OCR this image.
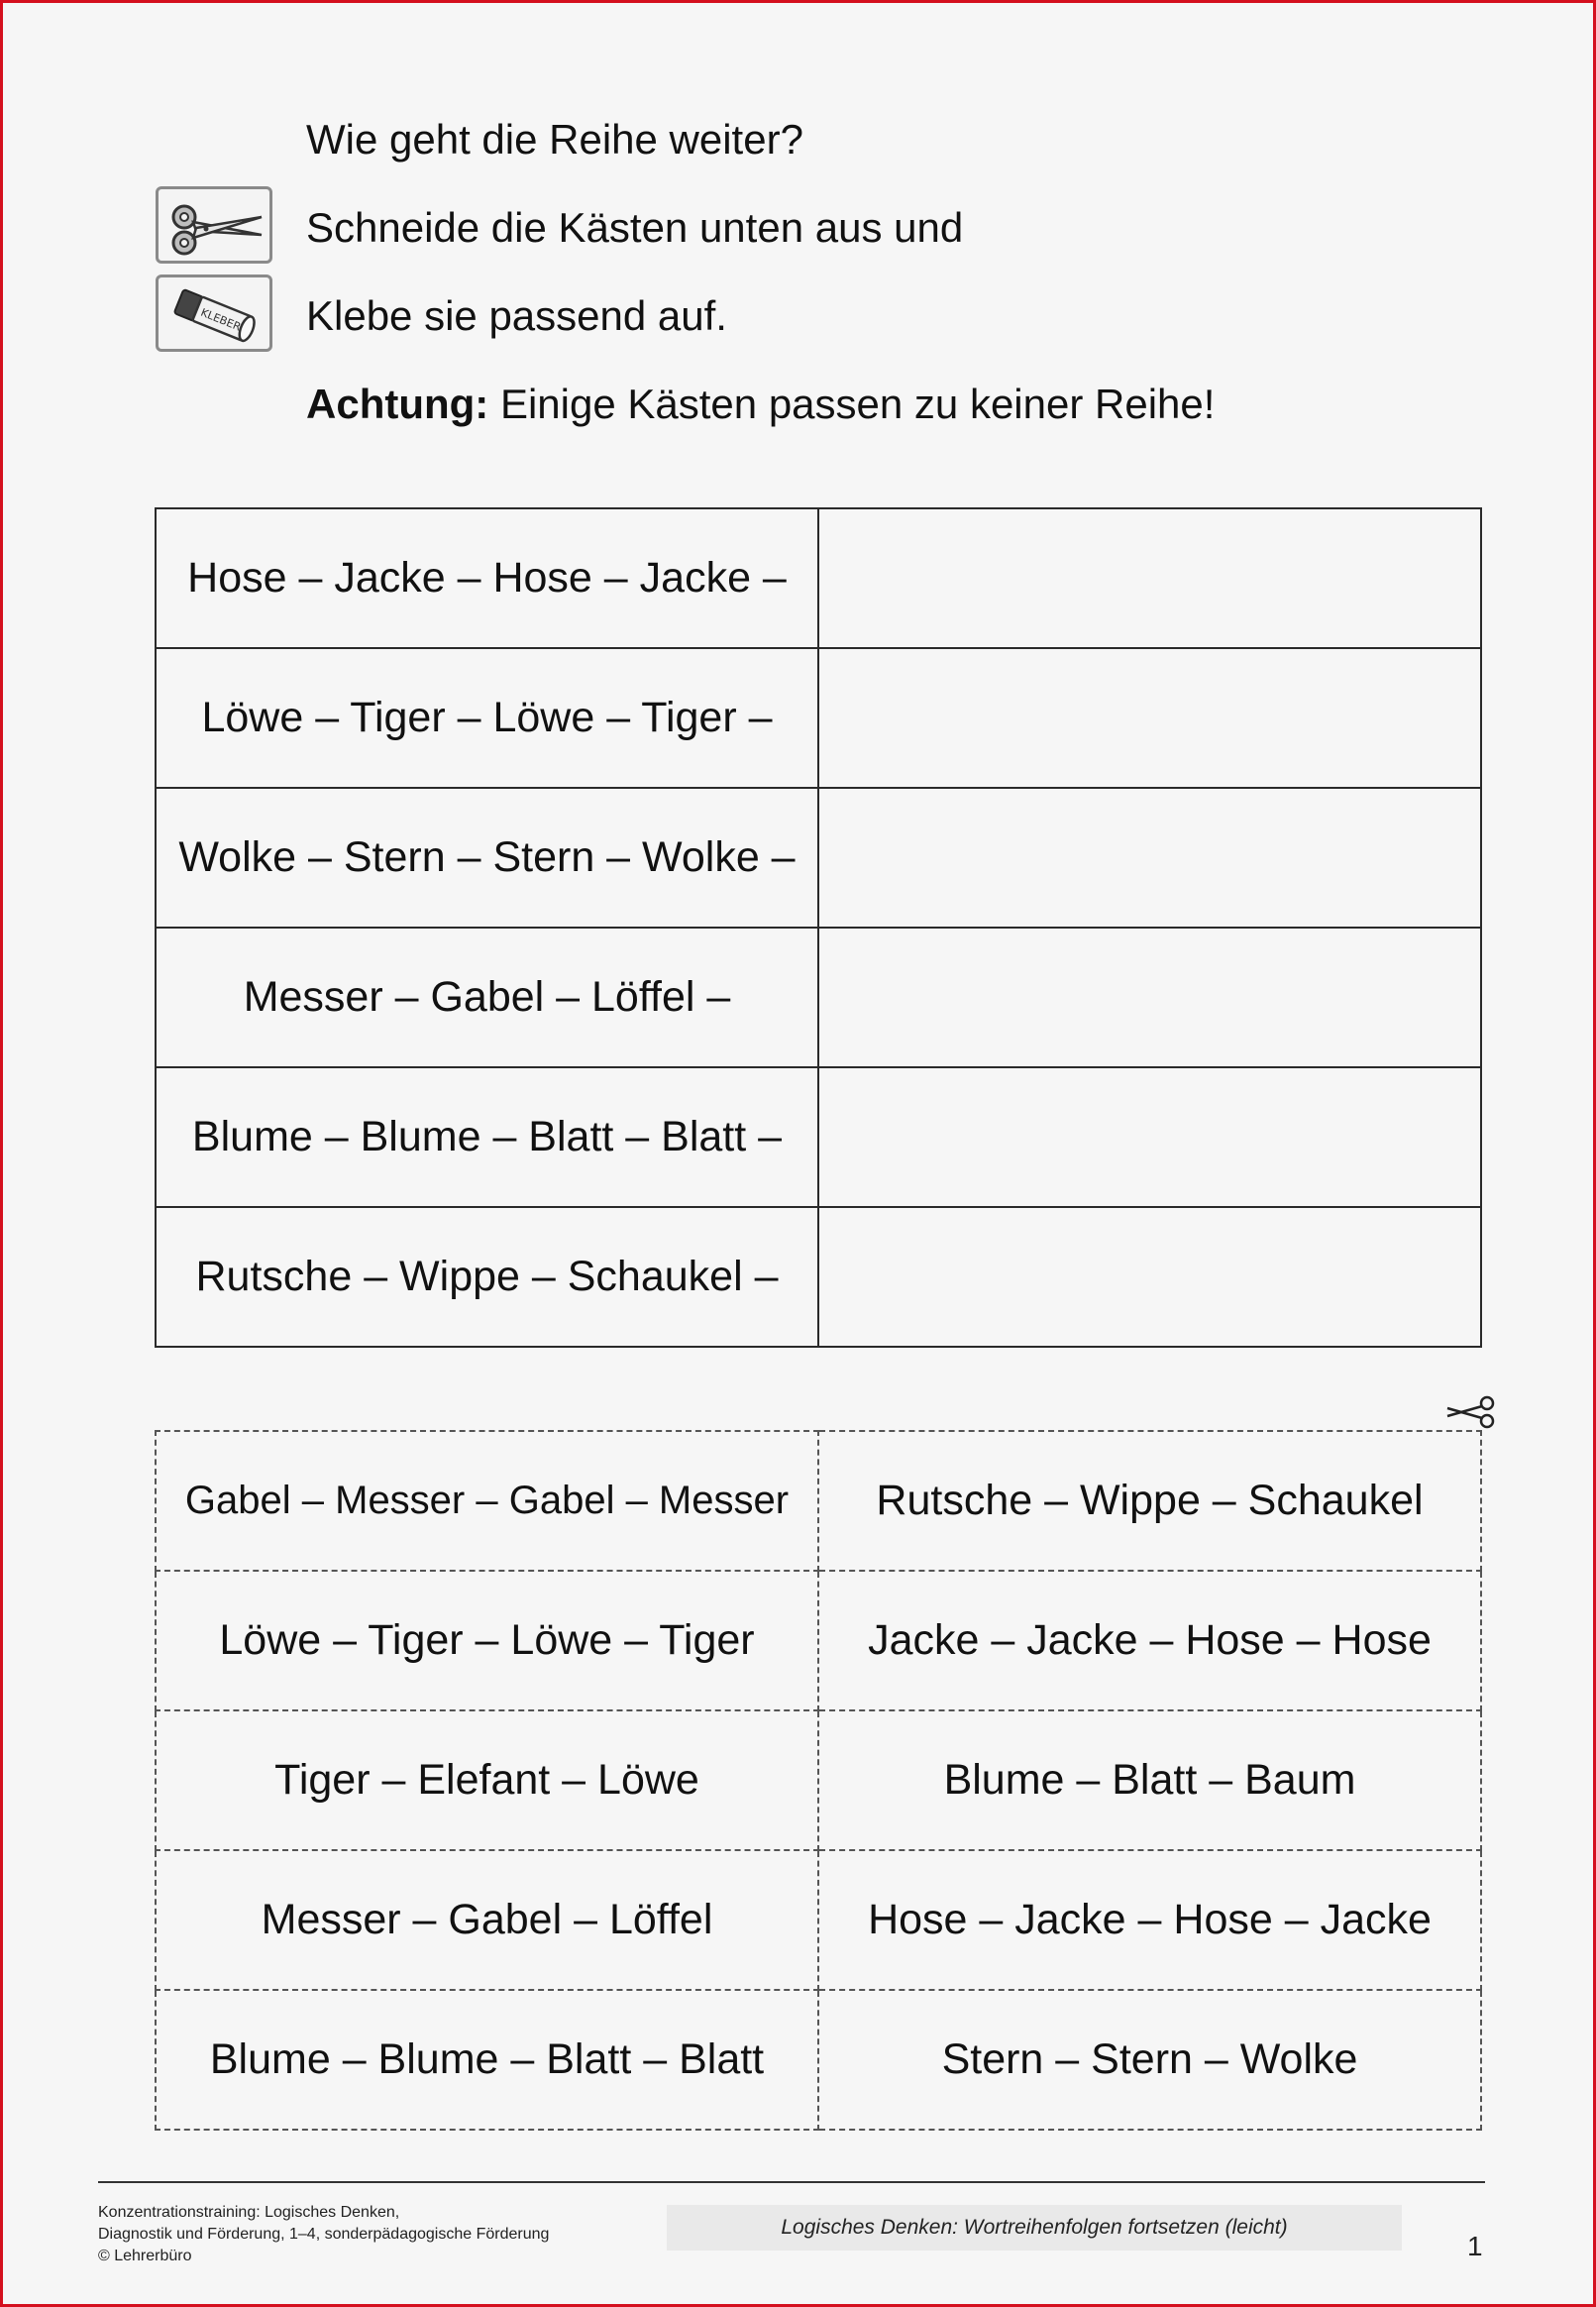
Wie geht die Reihe weiter?
Schneide die Kästen unten aus und
KLEBER Klebe sie passend auf.
Achtung: Einige Kästen passen zu keiner Reihe!
Hose – Jacke – Hose – Jacke –	
Löwe – Tiger – Löwe – Tiger –	
Wolke – Stern – Stern – Wolke –	
Messer – Gabel – Löffel –	
Blume – Blume – Blatt – Blatt –	
Rutsche – Wippe – Schaukel –	
Gabel – Messer – Gabel – Messer	Rutsche – Wippe – Schaukel
Löwe – Tiger – Löwe – Tiger	Jacke – Jacke – Hose – Hose
Tiger – Elefant – Löwe	Blume – Blatt – Baum
Messer – Gabel – Löffel	Hose – Jacke – Hose – Jacke
Blume – Blume – Blatt – Blatt	Stern – Stern – Wolke
Konzentrationstraining: Logisches Denken,
Diagnostik und Förderung, 1–4, sonderpädagogische Förderung
© Lehrerbüro
Logisches Denken: Wortreihenfolgen fortsetzen (leicht)
1
